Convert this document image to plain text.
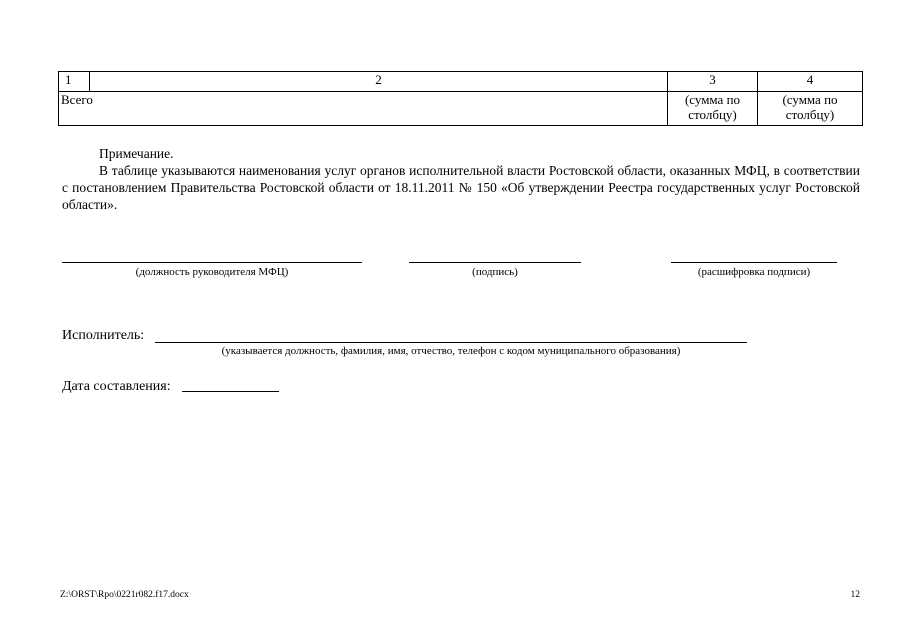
1	2	3	4
Всего		(сумма по столбцу)	(сумма по столбцу)
Примечание.
В таблице указываются наименования услуг органов исполнительной власти Ростовской области, оказанных МФЦ, в соответствии с постановлением Правительства Ростовской области от 18.11.2011 № 150 «Об утверждении Реестра государственных услуг Ростовской области».
(должность руководителя МФЦ)	(подпись)	(расшифровка подписи)
Исполнитель:
(указывается должность, фамилия, имя, отчество, телефон с кодом муниципального образования)
Дата составления:
Z:\ORST\Rpo\0221r082.f17.docx	12
